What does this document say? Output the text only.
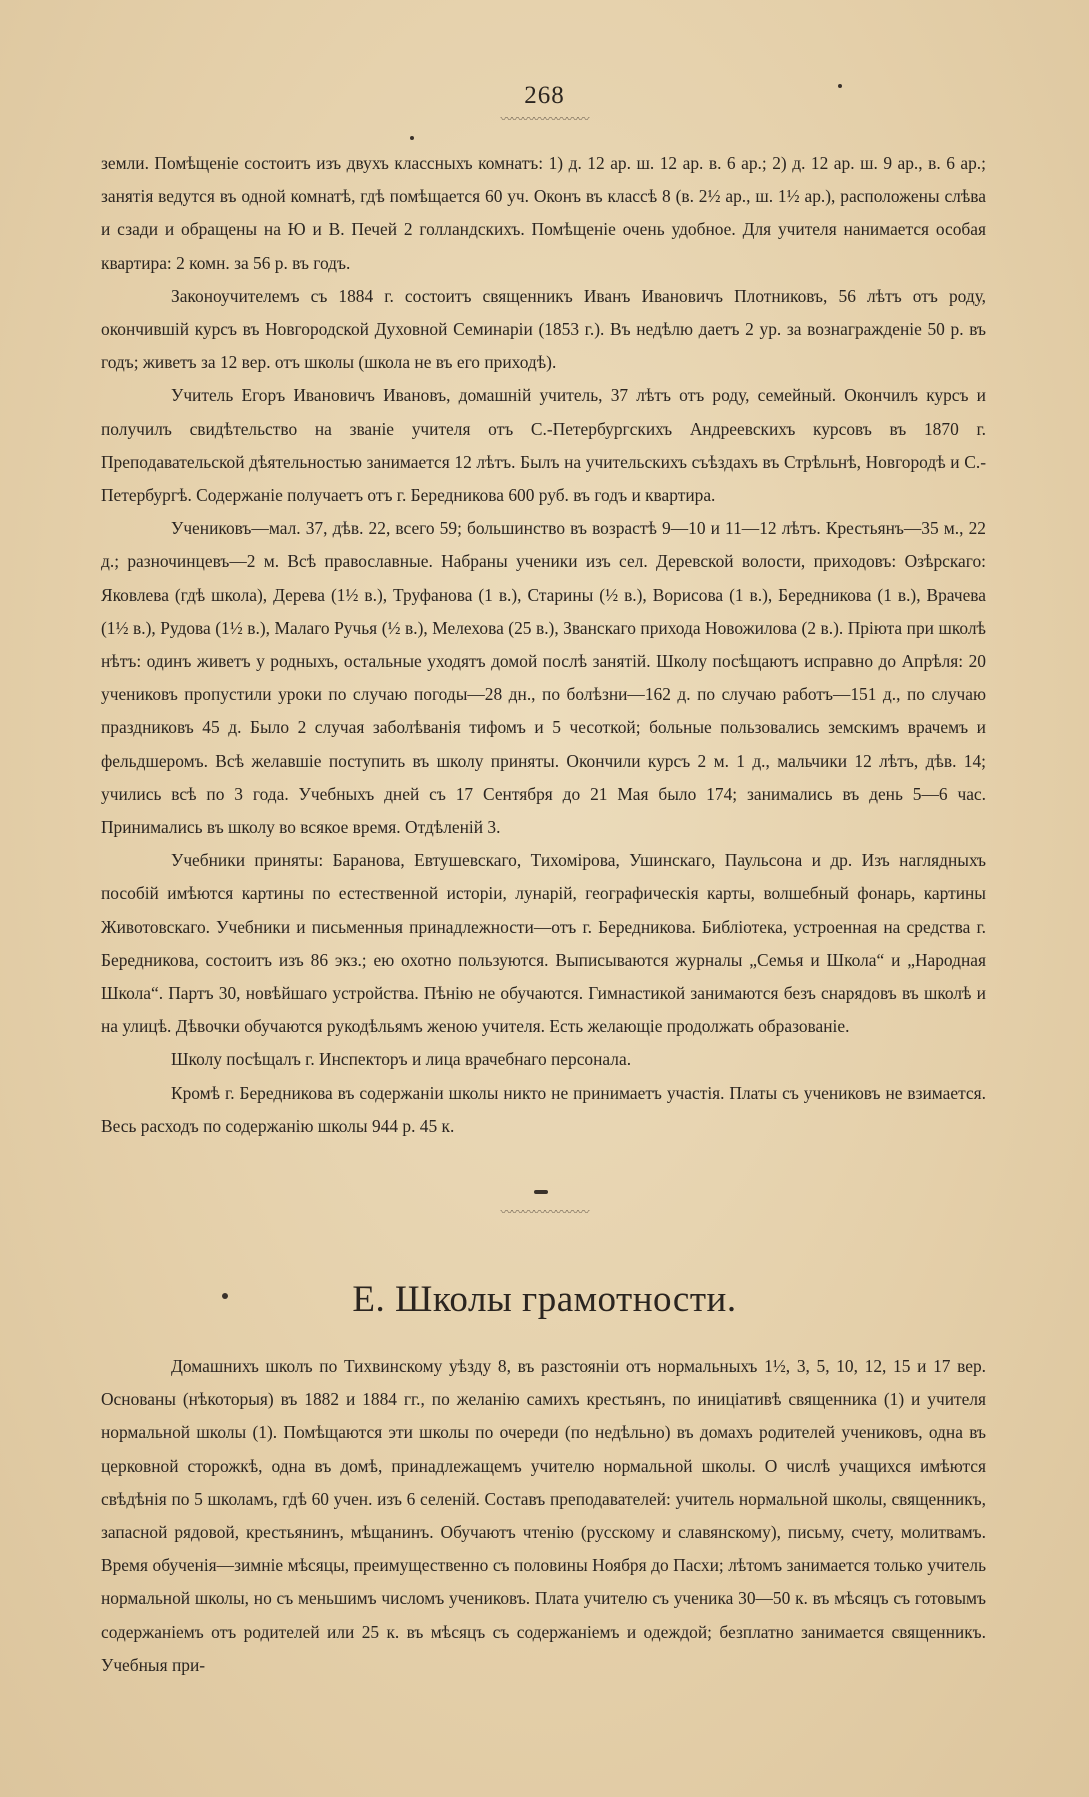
268
〰〰〰〰〰〰〰〰

земли. Помѣщеніе состоитъ изъ двухъ классныхъ комнатъ: 1) д. 12 ар. ш. 12 ар. в. 6 ар.; 2) д. 12 ар. ш. 9 ар., в. 6 ар.; занятія ведутся въ одной комнатѣ, гдѣ помѣщается 60 уч. Оконъ въ классѣ 8 (в. 2½ ар., ш. 1½ ар.), расположены слѣва и сзади и обращены на Ю и В. Печей 2 голландскихъ. Помѣщеніе очень удобное. Для учителя нанимается особая квартира: 2 комн. за 56 р. въ годъ.

Законоучителемъ съ 1884 г. состоитъ священникъ Иванъ Ивановичъ Плотниковъ, 56 лѣтъ отъ роду, окончившій курсъ въ Новгородской Духовной Семинаріи (1853 г.). Въ недѣлю даетъ 2 ур. за вознагражденіе 50 р. въ годъ; живетъ за 12 вер. отъ школы (школа не въ его приходѣ).

Учитель Егоръ Ивановичъ Ивановъ, домашній учитель, 37 лѣтъ отъ роду, семейный. Окончилъ курсъ и получилъ свидѣтельство на званіе учителя отъ С.-Петербургскихъ Андреевскихъ курсовъ въ 1870 г. Преподавательской дѣятельностью занимается 12 лѣтъ. Былъ на учительскихъ съѣздахъ въ Стрѣльнѣ, Новгородѣ и С.-Петербургѣ. Содержаніе получаетъ отъ г. Бередникова 600 руб. въ годъ и квартира.

Учениковъ—мал. 37, дѣв. 22, всего 59; большинство въ возрастѣ 9—10 и 11—12 лѣтъ. Крестьянъ—35 м., 22 д.; разночинцевъ—2 м. Всѣ православные. Набраны ученики изъ сел. Деревской волости, приходовъ: Озѣрскаго: Яковлева (гдѣ школа), Дерева (1½ в.), Труфанова (1 в.), Старины (½ в.), Ворисова (1 в.), Бередникова (1 в.), Врачева (1½ в.), Рудова (1½ в.), Малаго Ручья (½ в.), Мелехова (25 в.), Званскаго прихода Новожилова (2 в.). Пріюта при школѣ нѣтъ: одинъ живетъ у родныхъ, остальные уходятъ домой послѣ занятій. Школу посѣщаютъ исправно до Апрѣля: 20 учениковъ пропустили уроки по случаю погоды—28 дн., по болѣзни—162 д. по случаю работъ—151 д., по случаю праздниковъ 45 д. Было 2 случая заболѣванія тифомъ и 5 чесоткой; больные пользовались земскимъ врачемъ и фельдшеромъ. Всѣ желавшіе поступить въ школу приняты. Окончили курсъ 2 м. 1 д., мальчики 12 лѣтъ, дѣв. 14; учились всѣ по 3 года. Учебныхъ дней съ 17 Сентября до 21 Мая было 174; занимались въ день 5—6 час. Принимались въ школу во всякое время. Отдѣленій 3.

Учебники приняты: Баранова, Евтушевскаго, Тихомірова, Ушинскаго, Паульсона и др. Изъ наглядныхъ пособій имѣются картины по естественной исторіи, лунарій, географическія карты, волшебный фонарь, картины Животовскаго. Учебники и письменныя принадлежности—отъ г. Бередникова. Библіотека, устроенная на средства г. Бередникова, состоитъ изъ 86 экз.; ею охотно пользуются. Выписываются журналы „Семья и Школа“ и „Народная Школа“. Партъ 30, новѣйшаго устройства. Пѣнію не обучаются. Гимнастикой занимаются безъ снарядовъ въ школѣ и на улицѣ. Дѣвочки обучаются рукодѣльямъ женою учителя. Есть желающіе продолжать образованіе.

Школу посѣщалъ г. Инспекторъ и лица врачебнаго персонала.

Кромѣ г. Бередникова въ содержаніи школы никто не принимаетъ участія. Платы съ учениковъ не взимается. Весь расходъ по содержанію школы 944 р. 45 к.

〰〰〰〰〰〰〰〰
Е. Школы грамотности.

Домашнихъ школъ по Тихвинскому уѣзду 8, въ разстояніи отъ нормальныхъ 1½, 3, 5, 10, 12, 15 и 17 вер. Основаны (нѣкоторыя) въ 1882 и 1884 гг., по желанію самихъ крестьянъ, по иниціативѣ священника (1) и учителя нормальной школы (1). Помѣщаются эти школы по очереди (по недѣльно) въ домахъ родителей учениковъ, одна въ церковной сторожкѣ, одна въ домѣ, принадлежащемъ учителю нормальной школы. О числѣ учащихся имѣются свѣдѣнія по 5 школамъ, гдѣ 60 учен. изъ 6 селеній. Составъ преподавателей: учитель нормальной школы, священникъ, запасной рядовой, крестьянинъ, мѣщанинъ. Обучаютъ чтенію (русскому и славянскому), письму, счету, молитвамъ. Время обученія—зимніе мѣсяцы, преимущественно съ половины Ноября до Пасхи; лѣтомъ занимается только учитель нормальной школы, но съ меньшимъ числомъ учениковъ. Плата учителю съ ученика 30—50 к. въ мѣсяцъ съ готовымъ содержаніемъ отъ родителей или 25 к. въ мѣсяцъ съ содержаніемъ и одеждой; безплатно занимается священникъ. Учебныя при-
